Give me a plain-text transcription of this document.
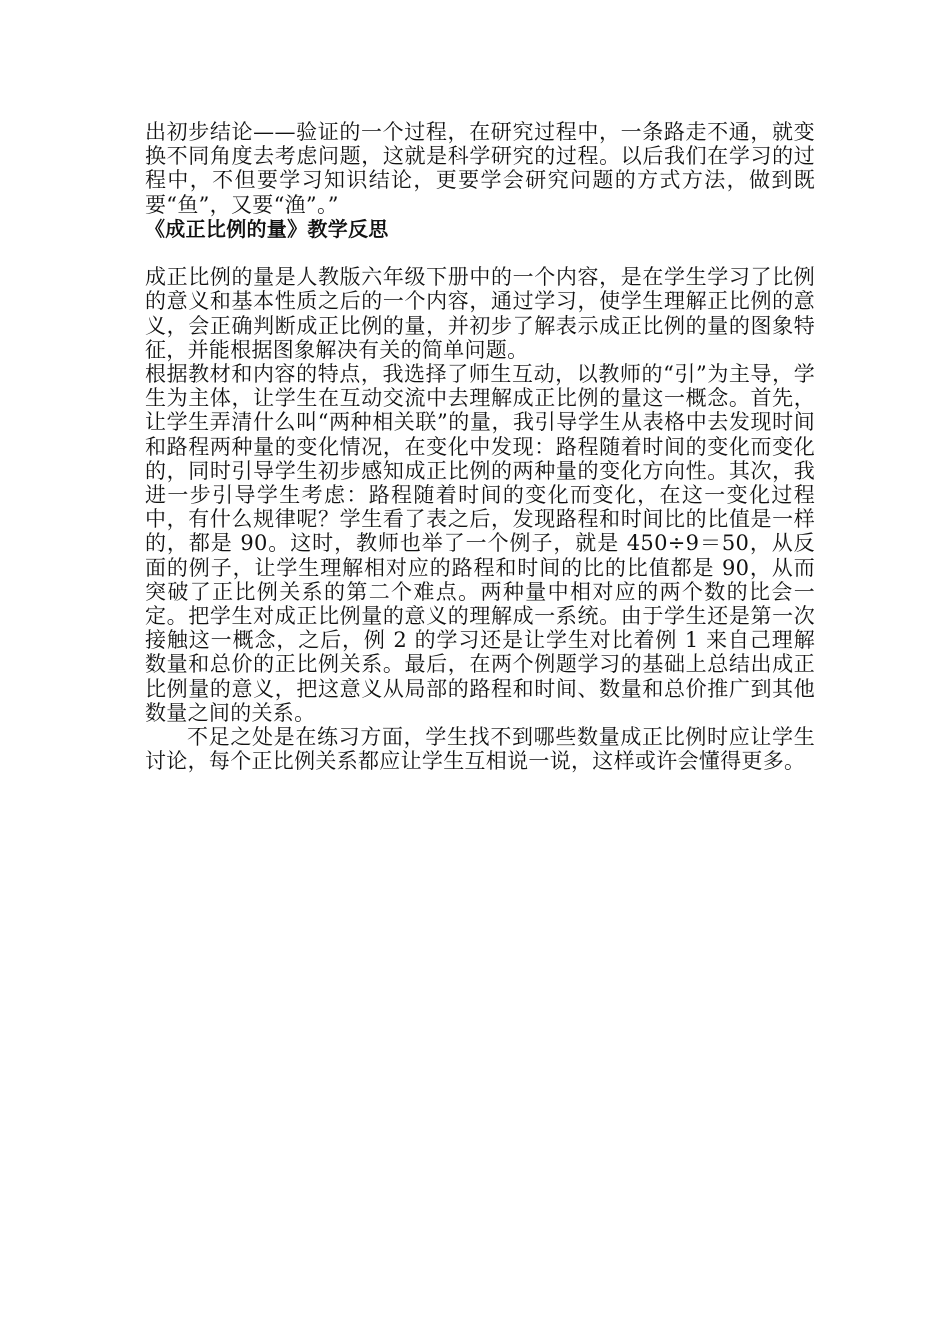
出初步结论——验证的一个过程，在研究过程中，一条路走不通，就变换不同角度去考虑问题，这就是科学研究的过程。以后我们在学习的过程中，不但要学习知识结论，更要学会研究问题的方式方法，做到既要“鱼”，又要“渔”。”

《成正比例的量》教学反思

成正比例的量是人教版六年级下册中的一个内容，是在学生学习了比例的意义和基本性质之后的一个内容，通过学习，使学生理解正比例的意义，会正确判断成正比例的量，并初步了解表示成正比例的量的图象特征，并能根据图象解决有关的简单问题。

根据教材和内容的特点，我选择了师生互动，以教师的“引”为主导，学生为主体，让学生在互动交流中去理解成正比例的量这一概念。首先，让学生弄清什么叫“两种相关联”的量，我引导学生从表格中去发现时间和路程两种量的变化情况，在变化中发现：路程随着时间的变化而变化的，同时引导学生初步感知成正比例的两种量的变化方向性。其次，我进一步引导学生考虑：路程随着时间的变化而变化，在这一变化过程中，有什么规律呢？学生看了表之后，发现路程和时间比的比值是一样的，都是 90。这时，教师也举了一个例子，就是 450÷9＝50，从反面的例子，让学生理解相对应的路程和时间的比的比值都是 90，从而突破了正比例关系的第二个难点。两种量中相对应的两个数的比会一定。把学生对成正比例量的意义的理解成一系统。由于学生还是第一次接触这一概念，之后，例 2 的学习还是让学生对比着例 1 来自己理解数量和总价的正比例关系。最后，在两个例题学习的基础上总结出成正比例量的意义，把这意义从局部的路程和时间、数量和总价推广到其他数量之间的关系。

不足之处是在练习方面，学生找不到哪些数量成正比例时应让学生讨论，每个正比例关系都应让学生互相说一说，这样或许会懂得更多。
